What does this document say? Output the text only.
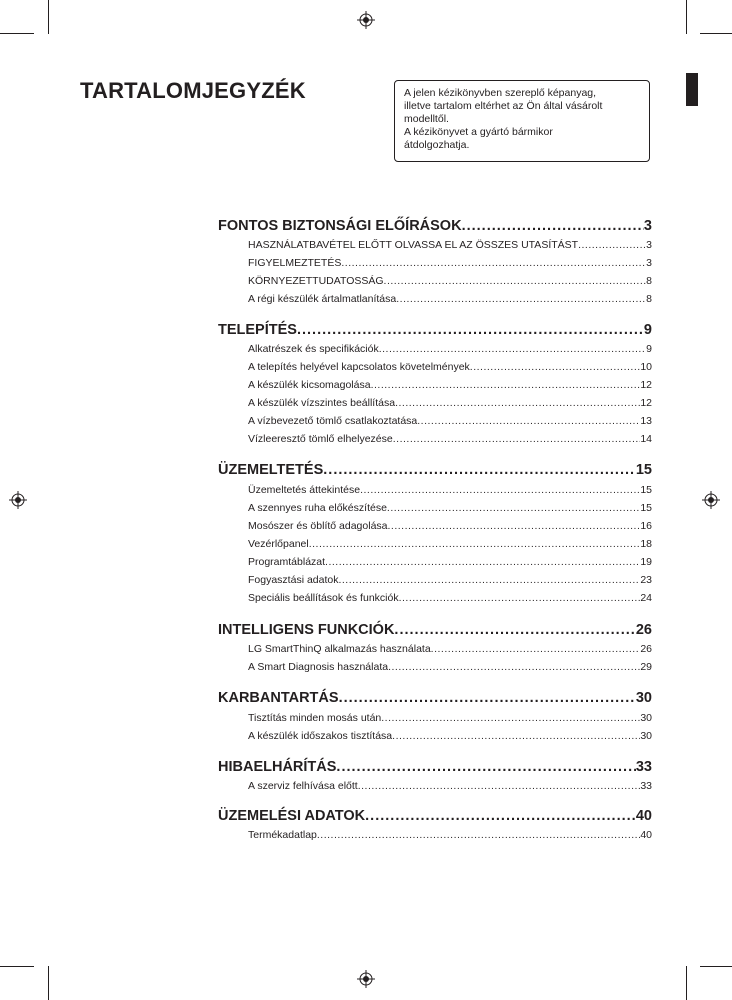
TARTALOMJEGYZÉK	A jelen kézikönyvben szereplő képanyag,

illetve tartalom eltérhet az Ön által vásárolt

modelltől.

A kézikönyvet a gyártó bármikor

átdolgozhatja.

FONTOS BIZTONSÁGI ELŐÍRÁSOK .....	3
HASZNÁLATBAVÉTEL ELŐTT OLVASSA EL AZ ÖSSZES UTASÍTÁST .....	3
FIGYELMEZTETÉS .....	3
KÖRNYEZETTUDATOSSÁG .....	8
A régi készülék ártalmatlanítása .....	8
TELEPÍTÉS .....	9
Alkatrészek és specifikációk .....	9
A telepítés helyével kapcsolatos követelmények .....	10
A készülék kicsomagolása .....	12
A készülék vízszintes beállítása .....	12
A vízbevezető tömlő csatlakoztatása .....	13
Vízleeresztő tömlő elhelyezése .....	14
ÜZEMELTETÉS .....	15
Üzemeltetés áttekintése .....	15
A szennyes ruha előkészítése .....	15
Mosószer és öblítő adagolása .....	16
Vezérlőpanel .....	18
Programtáblázat .....	19
Fogyasztási adatok .....	23
Speciális beállítások és funkciók .....	24
INTELLIGENS FUNKCIÓK .....	26
LG SmartThinQ alkalmazás használata .....	26
A Smart Diagnosis használata .....	29
KARBANTARTÁS .....	30
Tisztítás minden mosás után .....	30
A készülék időszakos tisztítása .....	30
HIBAELHÁRÍTÁS .....	33
A szerviz felhívása előtt .....	33
ÜZEMELÉSI ADATOK .....	40
Termékadatlap .....	40
